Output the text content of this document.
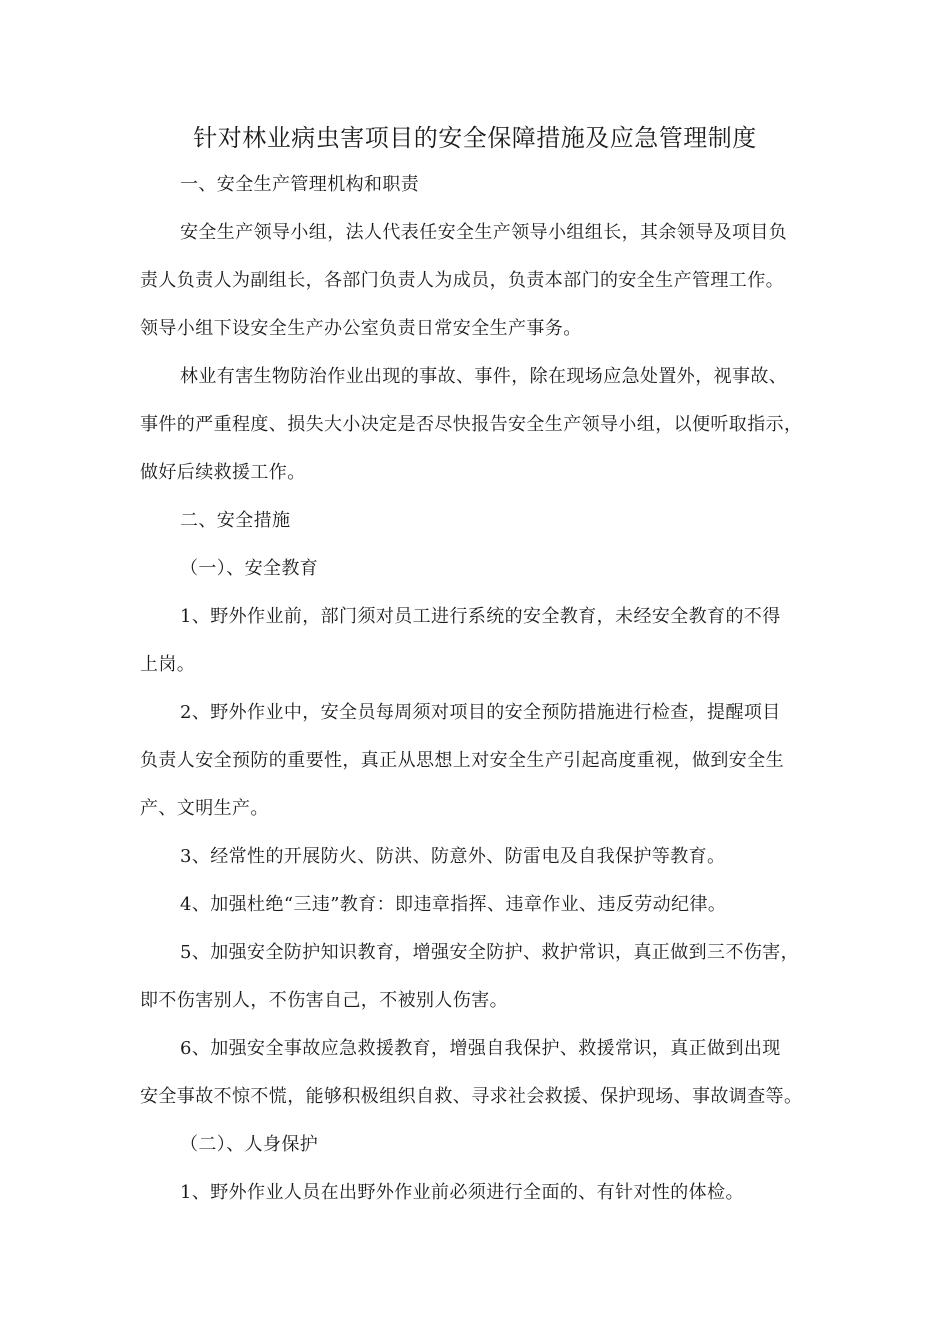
针对林业病虫害项目的安全保障措施及应急管理制度
一、安全生产管理机构和职责
安全生产领导小组，法人代表任安全生产领导小组组长，其余领导及项目负
责人负责人为副组长，各部门负责人为成员，负责本部门的安全生产管理工作。
领导小组下设安全生产办公室负责日常安全生产事务。
林业有害生物防治作业出现的事故、事件，除在现场应急处置外，视事故、
事件的严重程度、损失大小决定是否尽快报告安全生产领导小组，以便听取指示，
做好后续救援工作。
二、安全措施
（一）、安全教育
1、野外作业前，部门须对员工进行系统的安全教育，未经安全教育的不得
上岗。
2、野外作业中，安全员每周须对项目的安全预防措施进行检查，提醒项目
负责人安全预防的重要性，真正从思想上对安全生产引起高度重视，做到安全生
产、文明生产。
3、经常性的开展防火、防洪、防意外、防雷电及自我保护等教育。
4、加强杜绝“三违”教育：即违章指挥、违章作业、违反劳动纪律。
5、加强安全防护知识教育，增强安全防护、救护常识，真正做到三不伤害，
即不伤害别人，不伤害自己，不被别人伤害。
6、加强安全事故应急救援教育，增强自我保护、救援常识，真正做到出现
安全事故不惊不慌，能够积极组织自救、寻求社会救援、保护现场、事故调查等。
（二）、人身保护
1、野外作业人员在出野外作业前必须进行全面的、有针对性的体检。
